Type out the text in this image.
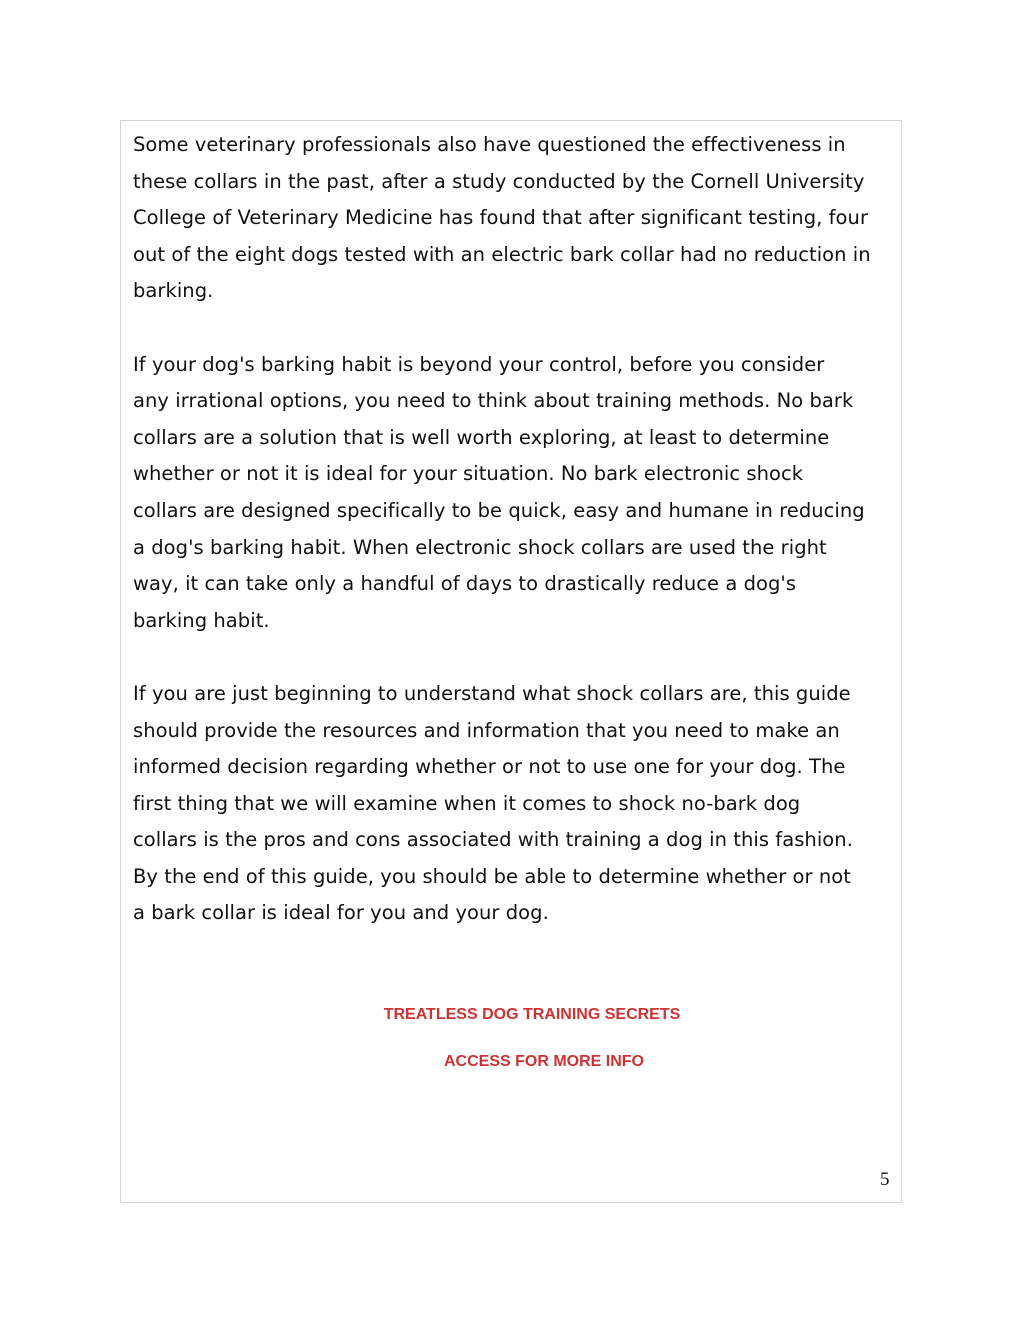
Some veterinary professionals also have questioned the effectiveness in
these collars in the past, after a study conducted by the Cornell University
College of Veterinary Medicine has found that after significant testing, four
out of the eight dogs tested with an electric bark collar had no reduction in
barking.

If your dog's barking habit is beyond your control, before you consider
any irrational options, you need to think about training methods. No bark
collars are a solution that is well worth exploring, at least to determine
whether or not it is ideal for your situation. No bark electronic shock
collars are designed specifically to be quick, easy and humane in reducing
a dog's barking habit. When electronic shock collars are used the right
way, it can take only a handful of days to drastically reduce a dog's
barking habit.

If you are just beginning to understand what shock collars are, this guide
should provide the resources and information that you need to make an
informed decision regarding whether or not to use one for your dog. The
first thing that we will examine when it comes to shock no-bark dog
collars is the pros and cons associated with training a dog in this fashion.
By the end of this guide, you should be able to determine whether or not
a bark collar is ideal for you and your dog.

TREATLESS DOG TRAINING SECRETS
ACCESS FOR MORE INFO
5
